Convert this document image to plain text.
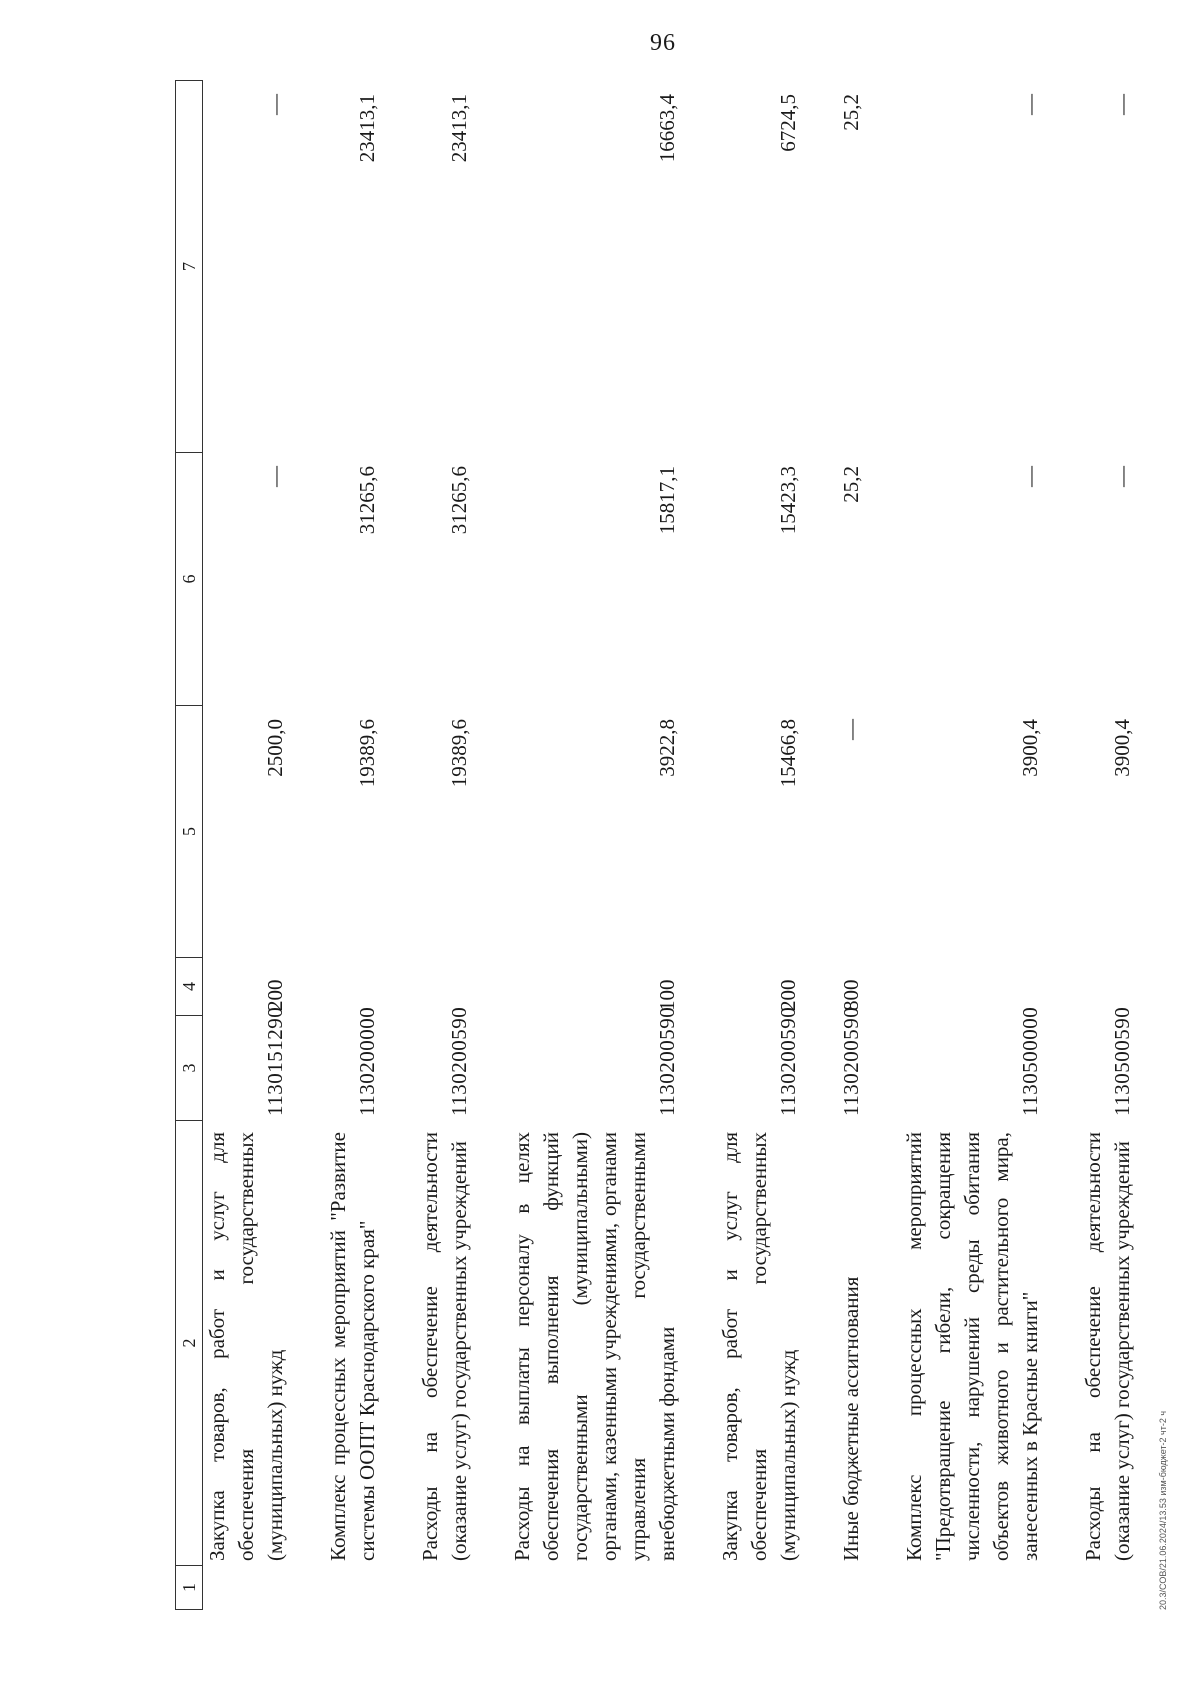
96
20.3/СОВ/21.06.2024/13.53 изм-бюджет-2 чт-2 ч
1
2
3
4
5
6
7
Закупка товаров, работ и услуг для обеспечения государственных (муниципальных) нужд
1130151290
200
2500,0
—
—
Комплекс процессных мероприятий "Развитие системы ООПТ Краснодарского края"
1130200000
19389,6
31265,6
23413,1
Расходы на обеспечение деятельности (оказание услуг) государственных учреждений
1130200590
19389,6
31265,6
23413,1
Расходы на выплаты персоналу в целях обеспечения выполнения функций государственными (муниципальными) органами, казенными учреждениями, органами управления государственными внебюджетными фондами
1130200590
100
3922,8
15817,1
16663,4
Закупка товаров, работ и услуг для обеспечения государственных (муниципальных) нужд
1130200590
200
15466,8
15423,3
6724,5
Иные бюджетные ассигнования
1130200590
800
—
25,2
25,2
Комплекс процессных мероприятий "Предотвращение гибели, сокращения численности, нарушений среды обитания объектов животного и растительного мира, занесенных в Красные книги"
1130500000
3900,4
—
—
Расходы на обеспечение деятельности (оказание услуг) государственных учреждений
1130500590
3900,4
—
—
